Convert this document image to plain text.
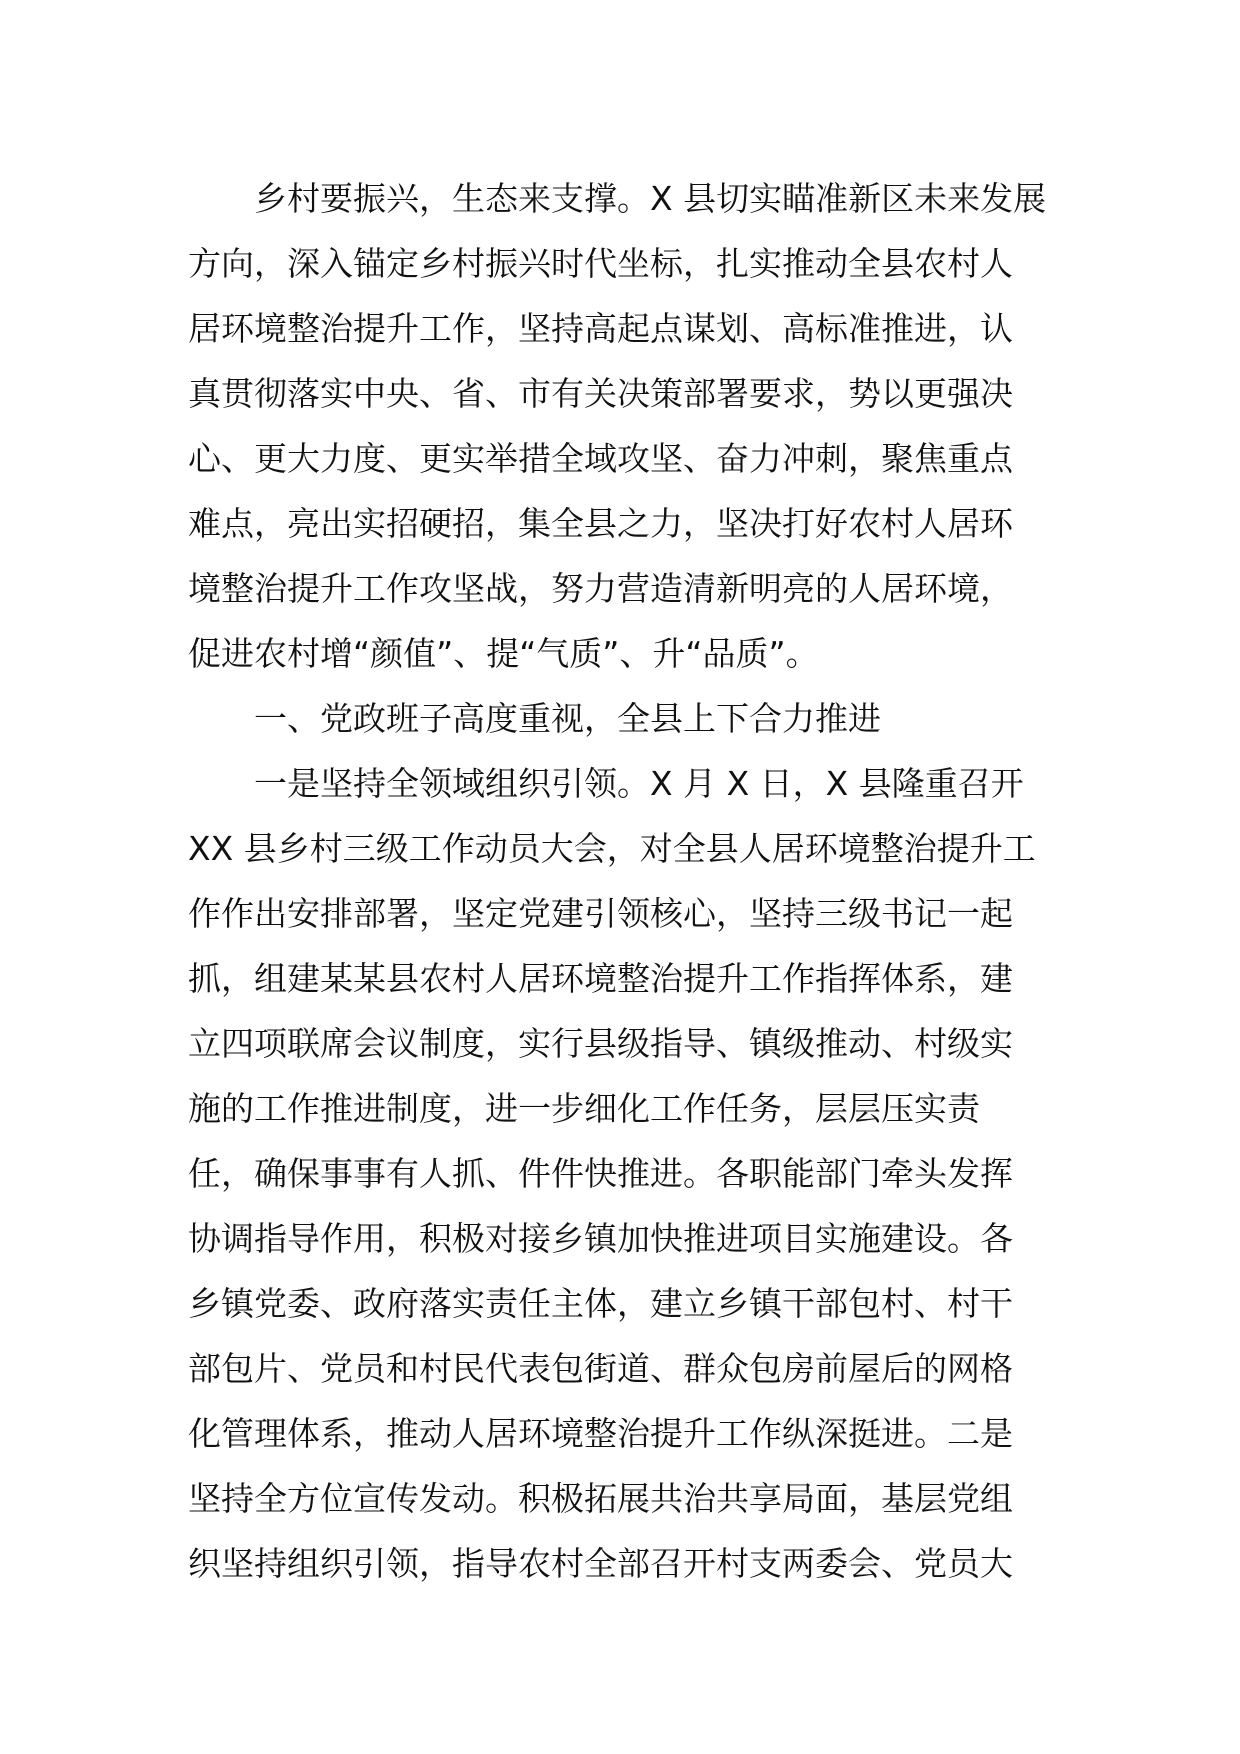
乡村要振兴，生态来支撑。X 县切实瞄准新区未来发展
方向，深入锚定乡村振兴时代坐标，扎实推动全县农村人
居环境整治提升工作，坚持高起点谋划、高标准推进，认
真贯彻落实中央、省、市有关决策部署要求，势以更强决
心、更大力度、更实举措全域攻坚、奋力冲刺，聚焦重点
难点，亮出实招硬招，集全县之力，坚决打好农村人居环
境整治提升工作攻坚战，努力营造清新明亮的人居环境，
促进农村增“颜值”、提“气质”、升“品质”。

一、党政班子高度重视，全县上下合力推进

一是坚持全领域组织引领。X 月 X 日，X 县隆重召开
XX 县乡村三级工作动员大会，对全县人居环境整治提升工
作作出安排部署，坚定党建引领核心，坚持三级书记一起
抓，组建某某县农村人居环境整治提升工作指挥体系，建
立四项联席会议制度，实行县级指导、镇级推动、村级实
施的工作推进制度，进一步细化工作任务，层层压实责
任，确保事事有人抓、件件快推进。各职能部门牵头发挥
协调指导作用，积极对接乡镇加快推进项目实施建设。各
乡镇党委、政府落实责任主体，建立乡镇干部包村、村干
部包片、党员和村民代表包街道、群众包房前屋后的网格
化管理体系，推动人居环境整治提升工作纵深挺进。二是
坚持全方位宣传发动。积极拓展共治共享局面，基层党组
织坚持组织引领，指导农村全部召开村支两委会、党员大
